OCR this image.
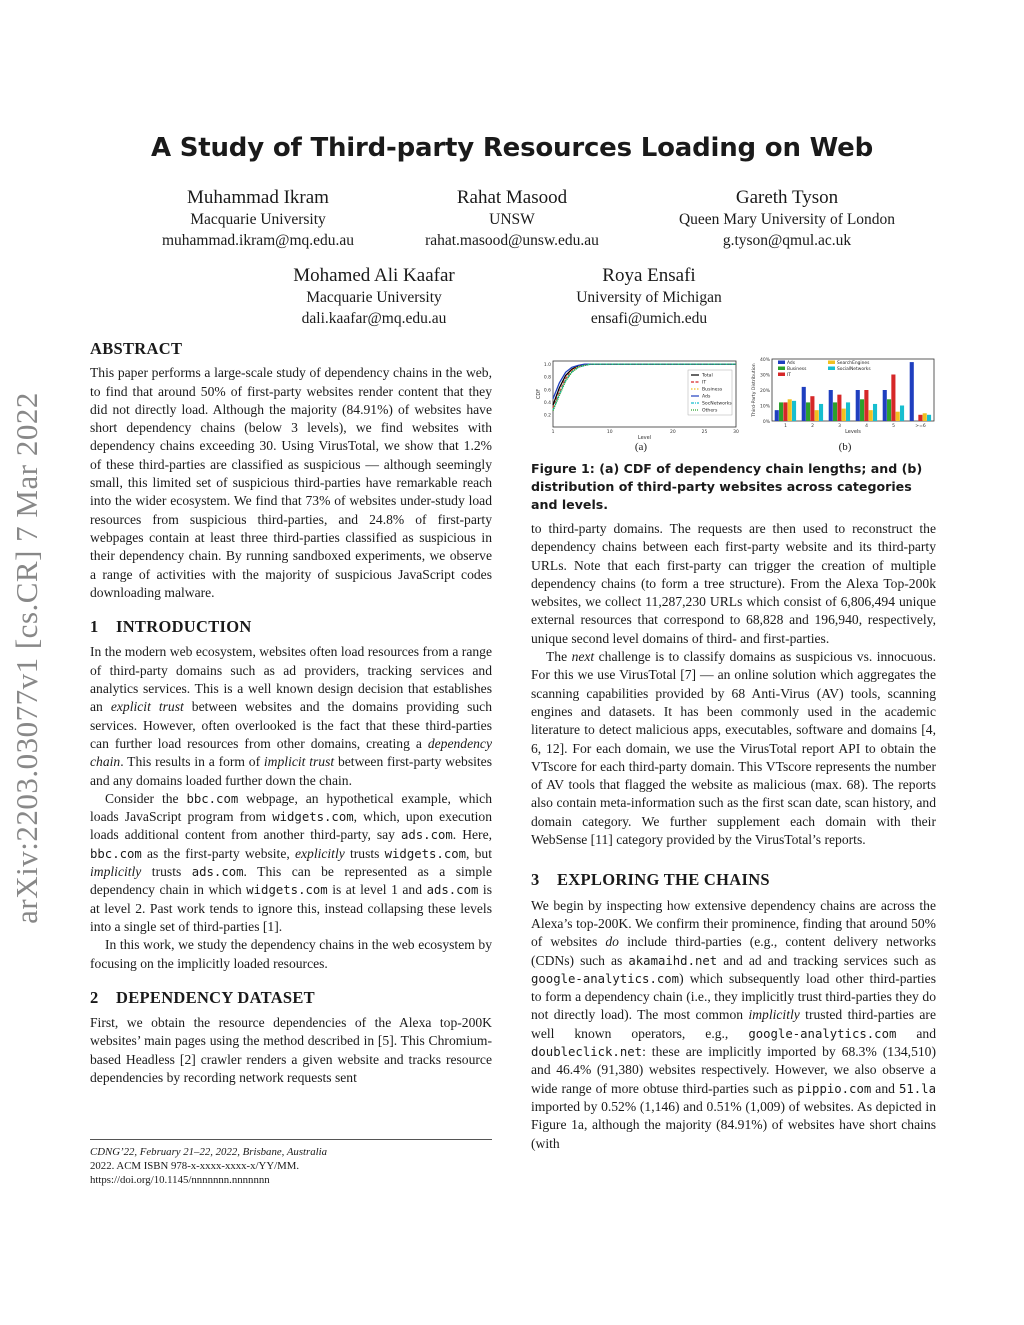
arXiv:2203.03077v1 [cs.CR] 7 Mar 2022
A Study of Third-party Resources Loading on Web
Muhammad Ikram
Macquarie University
muhammad.ikram@mq.edu.au
Rahat Masood
UNSW
rahat.masood@unsw.edu.au
Gareth Tyson
Queen Mary University of London
g.tyson@qmul.ac.uk
Mohamed Ali Kaafar
Macquarie University
dali.kaafar@mq.edu.au
Roya Ensafi
University of Michigan
ensafi@umich.edu
ABSTRACT

This paper performs a large-scale study of dependency chains in the web, to find that around 50% of first-party websites render content that they did not directly load. Although the majority (84.91%) of websites have short dependency chains (below 3 levels), we find websites with dependency chains exceeding 30. Using VirusTotal, we show that 1.2% of these third-parties are classified as suspicious — although seemingly small, this limited set of suspicious third-parties have remarkable reach into the wider ecosystem. We find that 73% of websites under-study load resources from suspicious third-parties, and 24.8% of first-party webpages contain at least three third-parties classified as suspicious in their dependency chain. By running sandboxed experiments, we observe a range of activities with the majority of suspicious JavaScript codes downloading malware.

1 INTRODUCTION

In the modern web ecosystem, websites often load resources from a range of third-party domains such as ad providers, tracking services and analytics services. This is a well known design decision that establishes an explicit trust between websites and the domains providing such services. However, often overlooked is the fact that these third-parties can further load resources from other domains, creating a dependency chain. This results in a form of implicit trust between first-party websites and any domains loaded further down the chain.

Consider the bbc.com webpage, an hypothetical example, which loads JavaScript program from widgets.com, which, upon execution loads additional content from another third-party, say ads.com. Here, bbc.com as the first-party website, explicitly trusts widgets.com, but implicitly trusts ads.com. This can be represented as a simple dependency chain in which widgets.com is at level 1 and ads.com is at level 2. Past work tends to ignore this, instead collapsing these levels into a single set of third-parties [1].

In this work, we study the dependency chains in the web ecosystem by focusing on the implicitly loaded resources.

2 DEPENDENCY DATASET

First, we obtain the resource dependencies of the Alexa top-200K websites’ main pages using the method described in [5]. This Chromium-based Headless [2] crawler renders a given website and tracks resource dependencies by recording network requests sent

CDNG’22, February 21–22, 2022, Brisbane, Australia
2022. ACM ISBN 978-x-xxxx-xxxx-x/YY/MM.
https://doi.org/10.1145/nnnnnnn.nnnnnnn
0.2
0.4
0.6
0.8
1.0
1	10	20	25	30
Level
CDF
Total
IT
Business
Ads
SocNetworks
Others
0%
10%
20%
30%
40%
Third-Party Distribution
1	2	3	4	5	>=6
Levels
Ads
Business
IT
SearchEngines
SocialNetworks
(a)	(b)
Figure 1: (a) CDF of dependency chain lengths; and (b) distribution of third-party websites across categories and levels.

to third-party domains. The requests are then used to reconstruct the dependency chains between each first-party website and its third-party URLs. Note that each first-party can trigger the creation of multiple dependency chains (to form a tree structure). From the Alexa Top-200k websites, we collect 11,287,230 URLs which consist of 6,806,494 unique external resources that correspond to 68,828 and 196,940, respectively, unique second level domains of third- and first-parties.

The next challenge is to classify domains as suspicious vs. innocuous. For this we use VirusTotal [7] — an online solution which aggregates the scanning capabilities provided by 68 Anti-Virus (AV) tools, scanning engines and datasets. It has been commonly used in the academic literature to detect malicious apps, executables, software and domains [4, 6, 12]. For each domain, we use the VirusTotal report API to obtain the VTscore for each third-party domain. This VTscore represents the number of AV tools that flagged the website as malicious (max. 68). The reports also contain meta-information such as the first scan date, scan history, and domain category. We further supplement each domain with their WebSense [11] category provided by the VirusTotal’s reports.

3 EXPLORING THE CHAINS

We begin by inspecting how extensive dependency chains are across the Alexa’s top-200K. We confirm their prominence, finding that around 50% of websites do include third-parties (e.g., content delivery networks (CDNs) such as akamaihd.net and ad and tracking services such as google-analytics.com) which subsequently load other third-parties to form a dependency chain (i.e., they implicitly trust third-parties they do not directly load). The most common implicitly trusted third-parties are well known operators, e.g., google-analytics.com and doubleclick.net: these are implicitly imported by 68.3% (134,510) and 46.4% (91,380) websites respectively. However, we also observe a wide range of more obtuse third-parties such as pippio.com and 51.la imported by 0.52% (1,146) and 0.51% (1,009) of websites. As depicted in Figure 1a, although the majority (84.91%) of websites have short chains (with
